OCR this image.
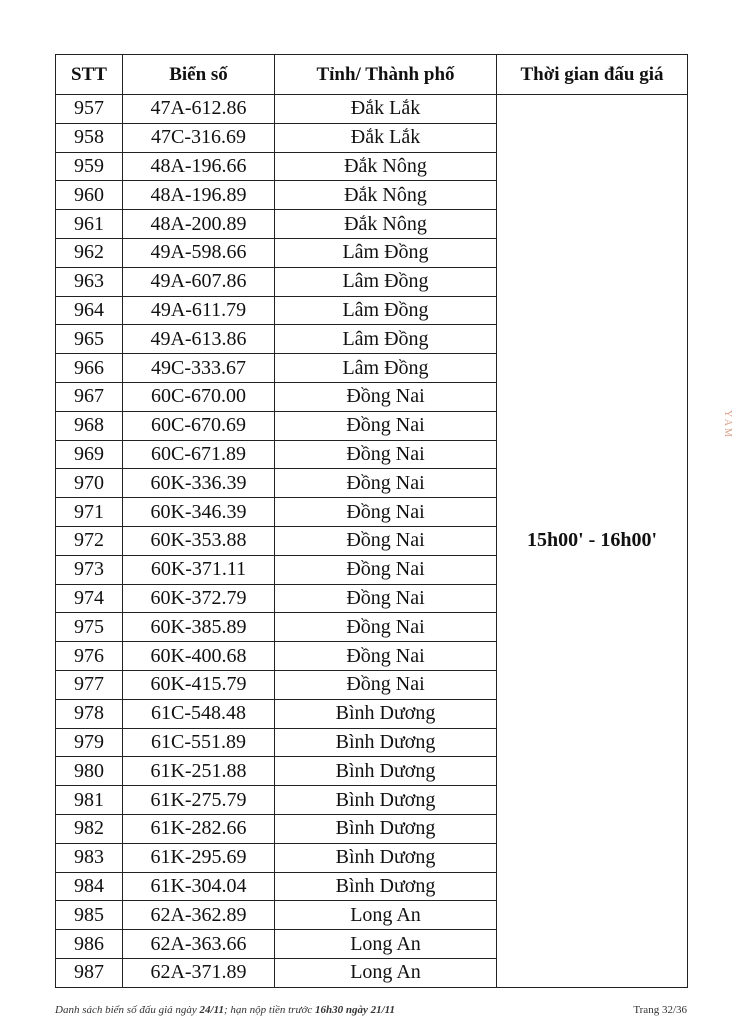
STT	Biển số	Tỉnh/ Thành phố	Thời gian đấu giá
957	47A-612.86	Đắk Lắk	15h00' - 16h00'
958	47C-316.69	Đắk Lắk	
959	48A-196.66	Đắk Nông	
960	48A-196.89	Đắk Nông	
961	48A-200.89	Đắk Nông	
962	49A-598.66	Lâm Đồng	
963	49A-607.86	Lâm Đồng	
964	49A-611.79	Lâm Đồng	
965	49A-613.86	Lâm Đồng	
966	49C-333.67	Lâm Đồng	
967	60C-670.00	Đồng Nai	
968	60C-670.69	Đồng Nai	
969	60C-671.89	Đồng Nai	
970	60K-336.39	Đồng Nai	
971	60K-346.39	Đồng Nai	
972	60K-353.88	Đồng Nai	
973	60K-371.11	Đồng Nai	
974	60K-372.79	Đồng Nai	
975	60K-385.89	Đồng Nai	
976	60K-400.68	Đồng Nai	
977	60K-415.79	Đồng Nai	
978	61C-548.48	Bình Dương	
979	61C-551.89	Bình Dương	
980	61K-251.88	Bình Dương	
981	61K-275.79	Bình Dương	
982	61K-282.66	Bình Dương	
983	61K-295.69	Bình Dương	
984	61K-304.04	Bình Dương	
985	62A-362.89	Long An	
986	62A-363.66	Long An	
987	62A-371.89	Long An	
Y A M
Danh sách biển số đấu giá ngày 24/11; hạn nộp tiền trước 16h30 ngày 21/11	Trang 32/36
